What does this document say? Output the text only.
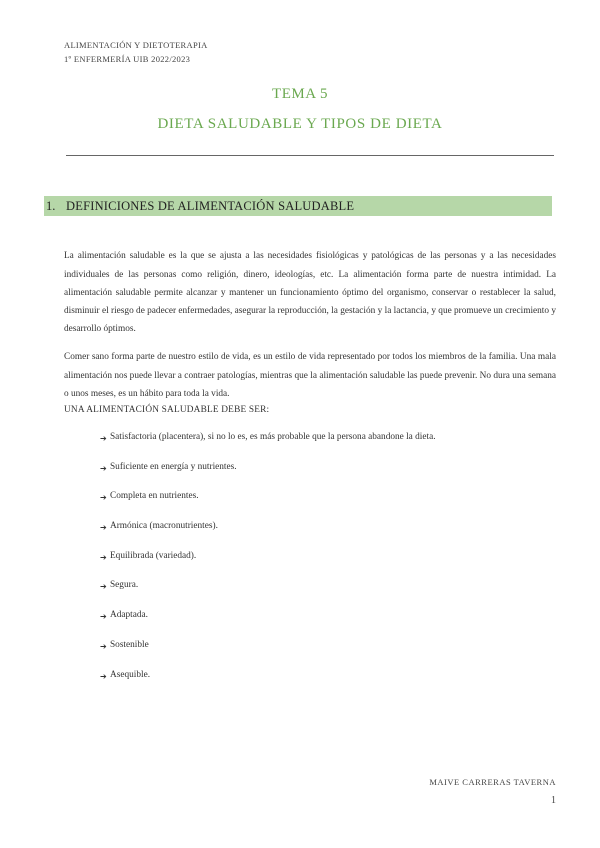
ALIMENTACIÓN Y DIETOTERAPIA
1º ENFERMERÍA UIB 2022/2023
TEMA 5
DIETA SALUDABLE Y TIPOS DE DIETA
1. DEFINICIONES DE ALIMENTACIÓN SALUDABLE

La alimentación saludable es la que se ajusta a las necesidades fisiológicas y patológicas de las personas y a las necesidades individuales de las personas como religión, dinero, ideologías, etc. La alimentación forma parte de nuestra intimidad. La alimentación saludable permite alcanzar y mantener un funcionamiento óptimo del organismo, conservar o restablecer la salud, disminuir el riesgo de padecer enfermedades, asegurar la reproducción, la gestación y la lactancia, y que promueve un crecimiento y desarrollo óptimos.

Comer sano forma parte de nuestro estilo de vida, es un estilo de vida representado por todos los miembros de la familia. Una mala alimentación nos puede llevar a contraer patologías, mientras que la alimentación saludable las puede prevenir. No dura una semana o unos meses, es un hábito para toda la vida.

UNA ALIMENTACIÓN SALUDABLE DEBE SER:
➔ Satisfactoria (placentera), si no lo es, es más probable que la persona abandone la dieta.
➔ Suficiente en energía y nutrientes.
➔ Completa en nutrientes.
➔ Armónica (macronutrientes).
➔ Equilibrada (variedad).
➔ Segura.
➔ Adaptada.
➔ Sostenible
➔ Asequible.
MAIVE CARRERAS TAVERNA
1
